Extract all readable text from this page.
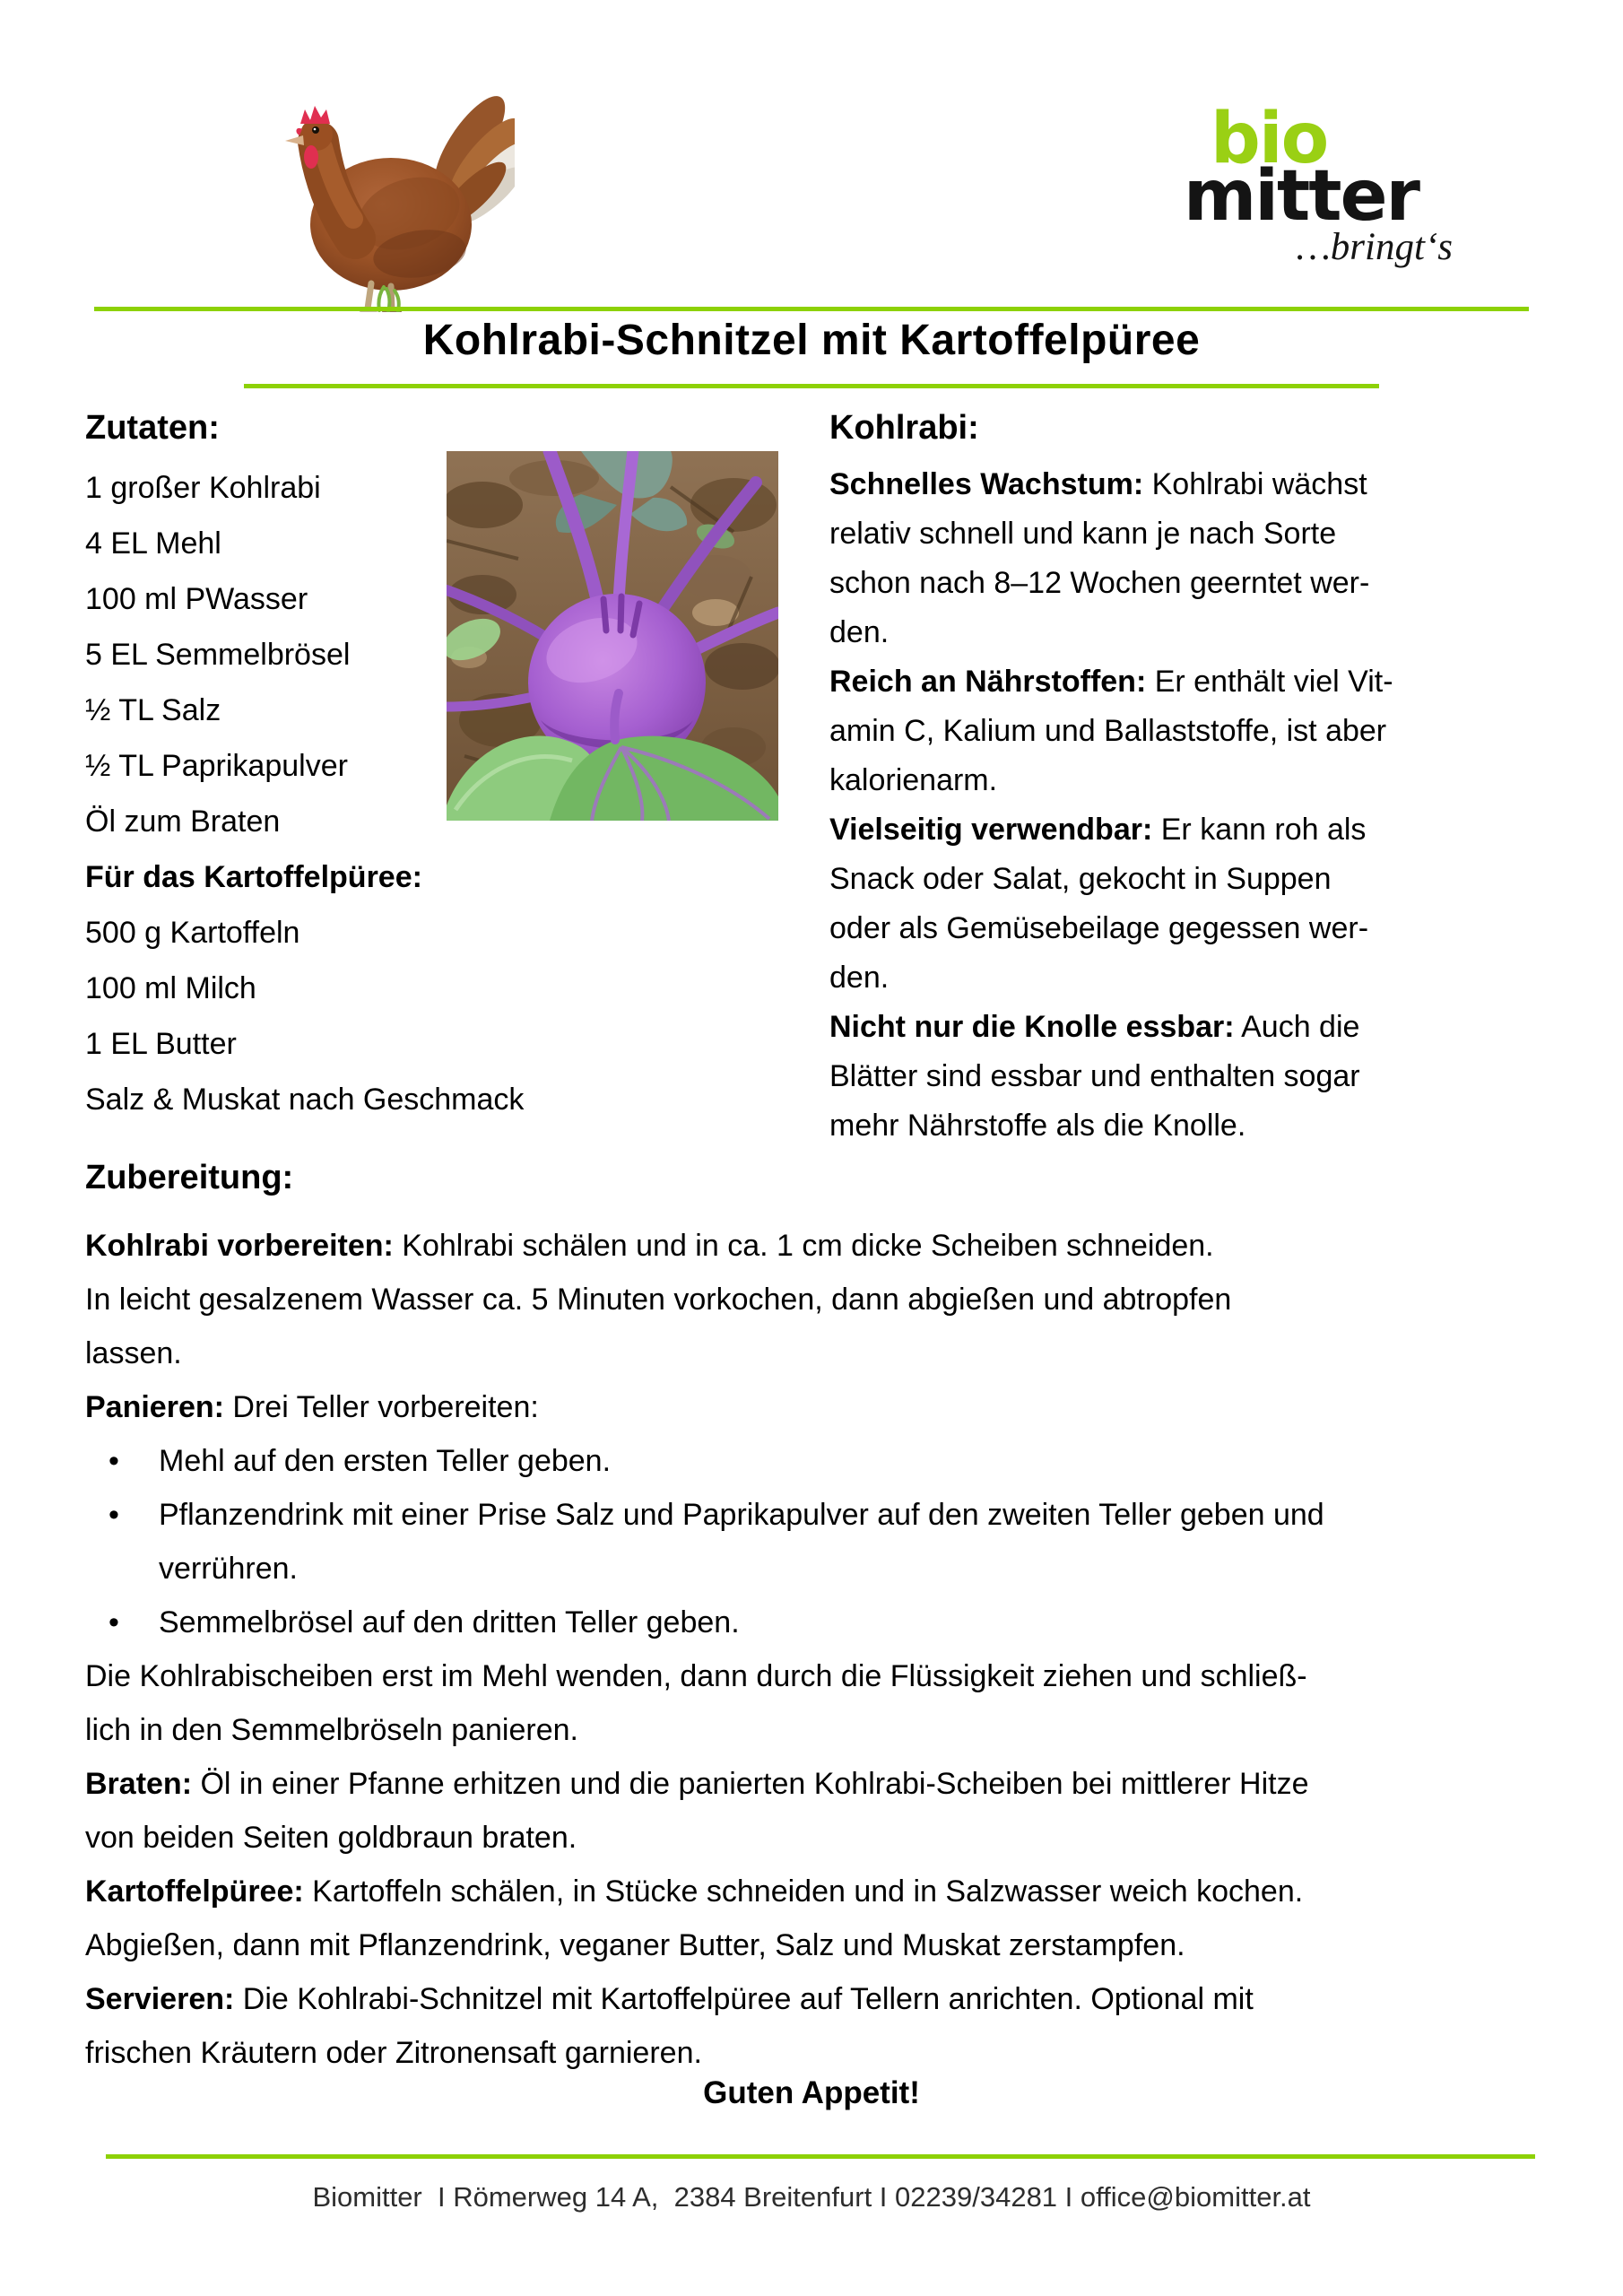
bio
mitter
…bringt‘s
Kohlrabi-Schnitzel mit Kartoffelpüree
Zutaten:
1 großer Kohlrabi
4 EL Mehl
100 ml PWasser
5 EL Semmelbrösel
½ TL Salz
½ TL Paprikapulver
Öl zum Braten
Für das Kartoffelpüree:
500 g Kartoffeln
100 ml Milch
1 EL Butter
Salz & Muskat nach Geschmack
Kohlrabi:
Schnelles Wachstum: Kohlrabi wächst
relativ schnell und kann je nach Sorte
schon nach 8–12 Wochen geerntet wer-
den.
Reich an Nährstoffen: Er enthält viel Vit-
amin C, Kalium und Ballaststoffe, ist aber
kalorienarm.
Vielseitig verwendbar: Er kann roh als
Snack oder Salat, gekocht in Suppen
oder als Gemüsebeilage gegessen wer-
den.
Nicht nur die Knolle essbar: Auch die
Blätter sind essbar und enthalten sogar
mehr Nährstoffe als die Knolle.
Zubereitung:
Kohlrabi vorbereiten: Kohlrabi schälen und in ca. 1 cm dicke Scheiben schneiden.
In leicht gesalzenem Wasser ca. 5 Minuten vorkochen, dann abgießen und abtropfen
lassen.
Panieren: Drei Teller vorbereiten:
• Mehl auf den ersten Teller geben.
• Pflanzendrink mit einer Prise Salz und Paprikapulver auf den zweiten Teller geben und
verrühren.
• Semmelbrösel auf den dritten Teller geben.
Die Kohlrabischeiben erst im Mehl wenden, dann durch die Flüssigkeit ziehen und schließ-
lich in den Semmelbröseln panieren.
Braten: Öl in einer Pfanne erhitzen und die panierten Kohlrabi-Scheiben bei mittlerer Hitze
von beiden Seiten goldbraun braten.
Kartoffelpüree: Kartoffeln schälen, in Stücke schneiden und in Salzwasser weich kochen.
Abgießen, dann mit Pflanzendrink, veganer Butter, Salz und Muskat zerstampfen.
Servieren: Die Kohlrabi-Schnitzel mit Kartoffelpüree auf Tellern anrichten. Optional mit
frischen Kräutern oder Zitronensaft garnieren.
Guten Appetit!
Biomitter  I Römerweg 14 A,  2384 Breitenfurt I 02239/34281 I office@biomitter.at
